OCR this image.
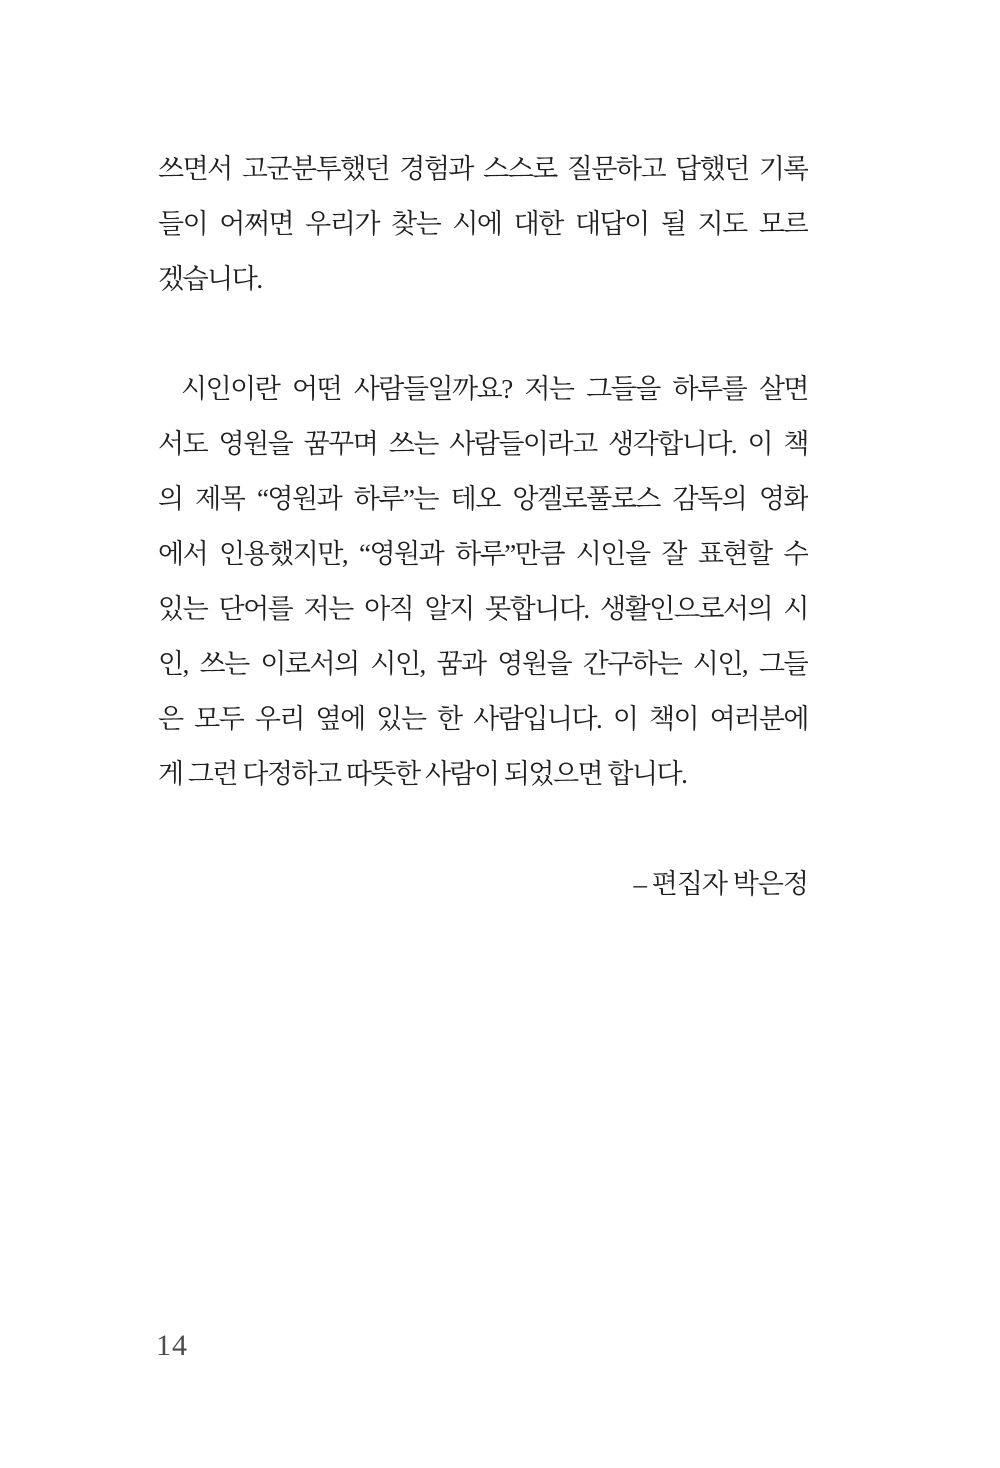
쓰면서 고군분투했던 경험과 스스로 질문하고 답했던 기록
들이 어쩌면 우리가 찾는 시에 대한 대답이 될 지도 모르
겠습니다.
시인이란 어떤 사람들일까요? 저는 그들을 하루를 살면
서도 영원을 꿈꾸며 쓰는 사람들이라고 생각합니다. 이 책
의 제목 “영원과 하루”는 테오 앙겔로풀로스 감독의 영화
에서 인용했지만, “영원과 하루”만큼 시인을 잘 표현할 수
있는 단어를 저는 아직 알지 못합니다. 생활인으로서의 시
인, 쓰는 이로서의 시인, 꿈과 영원을 간구하는 시인, 그들
은 모두 우리 옆에 있는 한 사람입니다. 이 책이 여러분에
게 그런 다정하고 따뜻한 사람이 되었으면 합니다.
– 편집자 박은정
14
